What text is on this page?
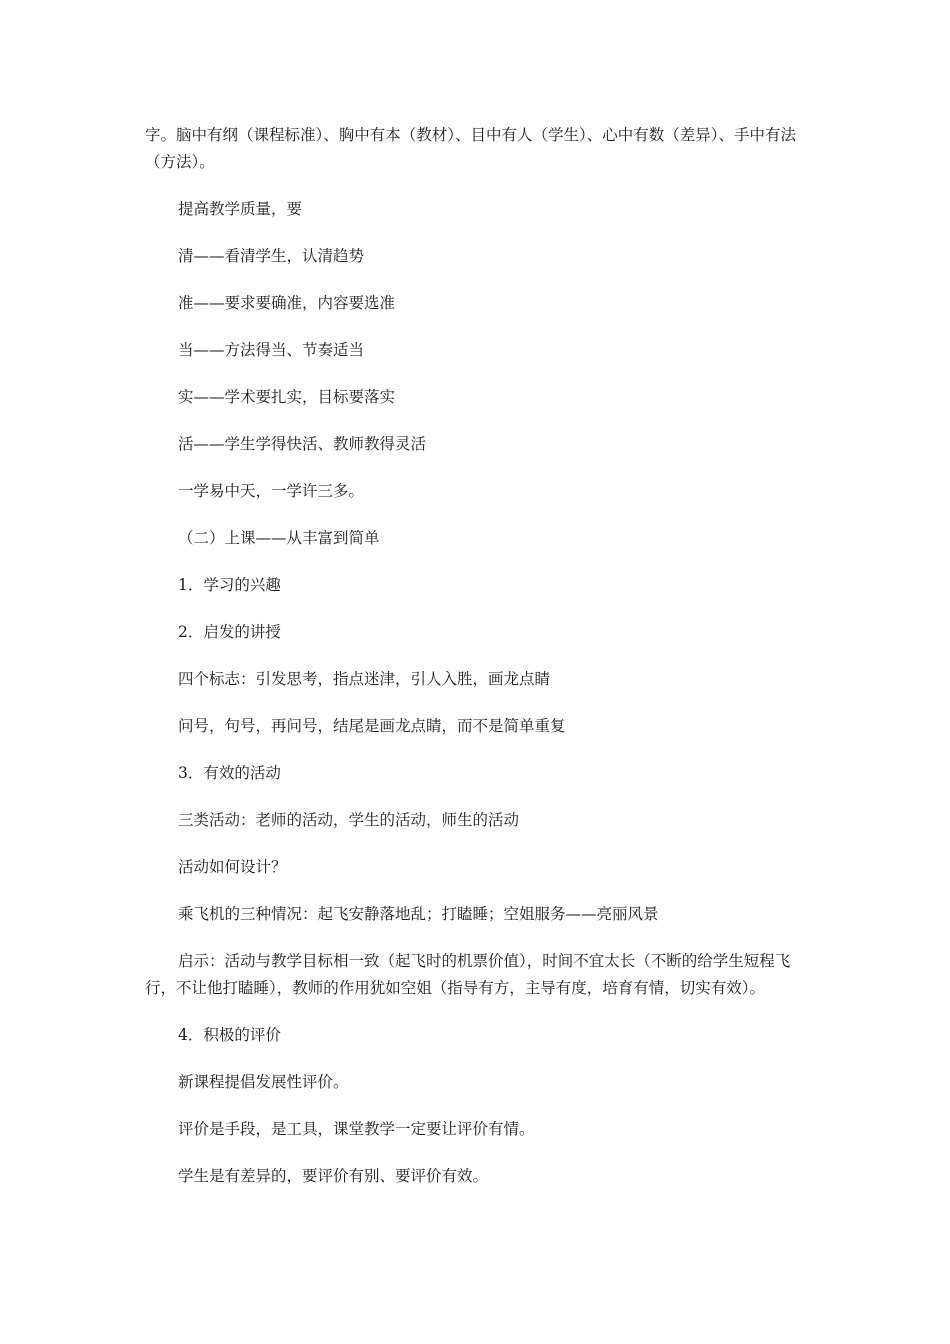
字。脑中有纲（课程标准）、胸中有本（教材）、目中有人（学生）、心中有数（差异）、手中有法（方法）。

提高教学质量，要

清——看清学生，认清趋势

准——要求要确准，内容要选准

当——方法得当、节奏适当

实——学术要扎实，目标要落实

活——学生学得快活、教师教得灵活

一学易中天，一学许三多。

（二）上课——从丰富到简单

1．学习的兴趣

2．启发的讲授

四个标志：引发思考，指点迷津，引人入胜，画龙点睛

问号，句号，再问号，结尾是画龙点睛，而不是简单重复

3．有效的活动

三类活动：老师的活动，学生的活动，师生的活动

活动如何设计？

乘飞机的三种情况：起飞安静落地乱；打瞌睡；空姐服务——亮丽风景

启示：活动与教学目标相一致（起飞时的机票价值），时间不宜太长（不断的给学生短程飞行，不让他打瞌睡），教师的作用犹如空姐（指导有方，主导有度，培育有情，切实有效）。

4．积极的评价

新课程提倡发展性评价。

评价是手段，是工具，课堂教学一定要让评价有情。

学生是有差异的，要评价有别、要评价有效。
